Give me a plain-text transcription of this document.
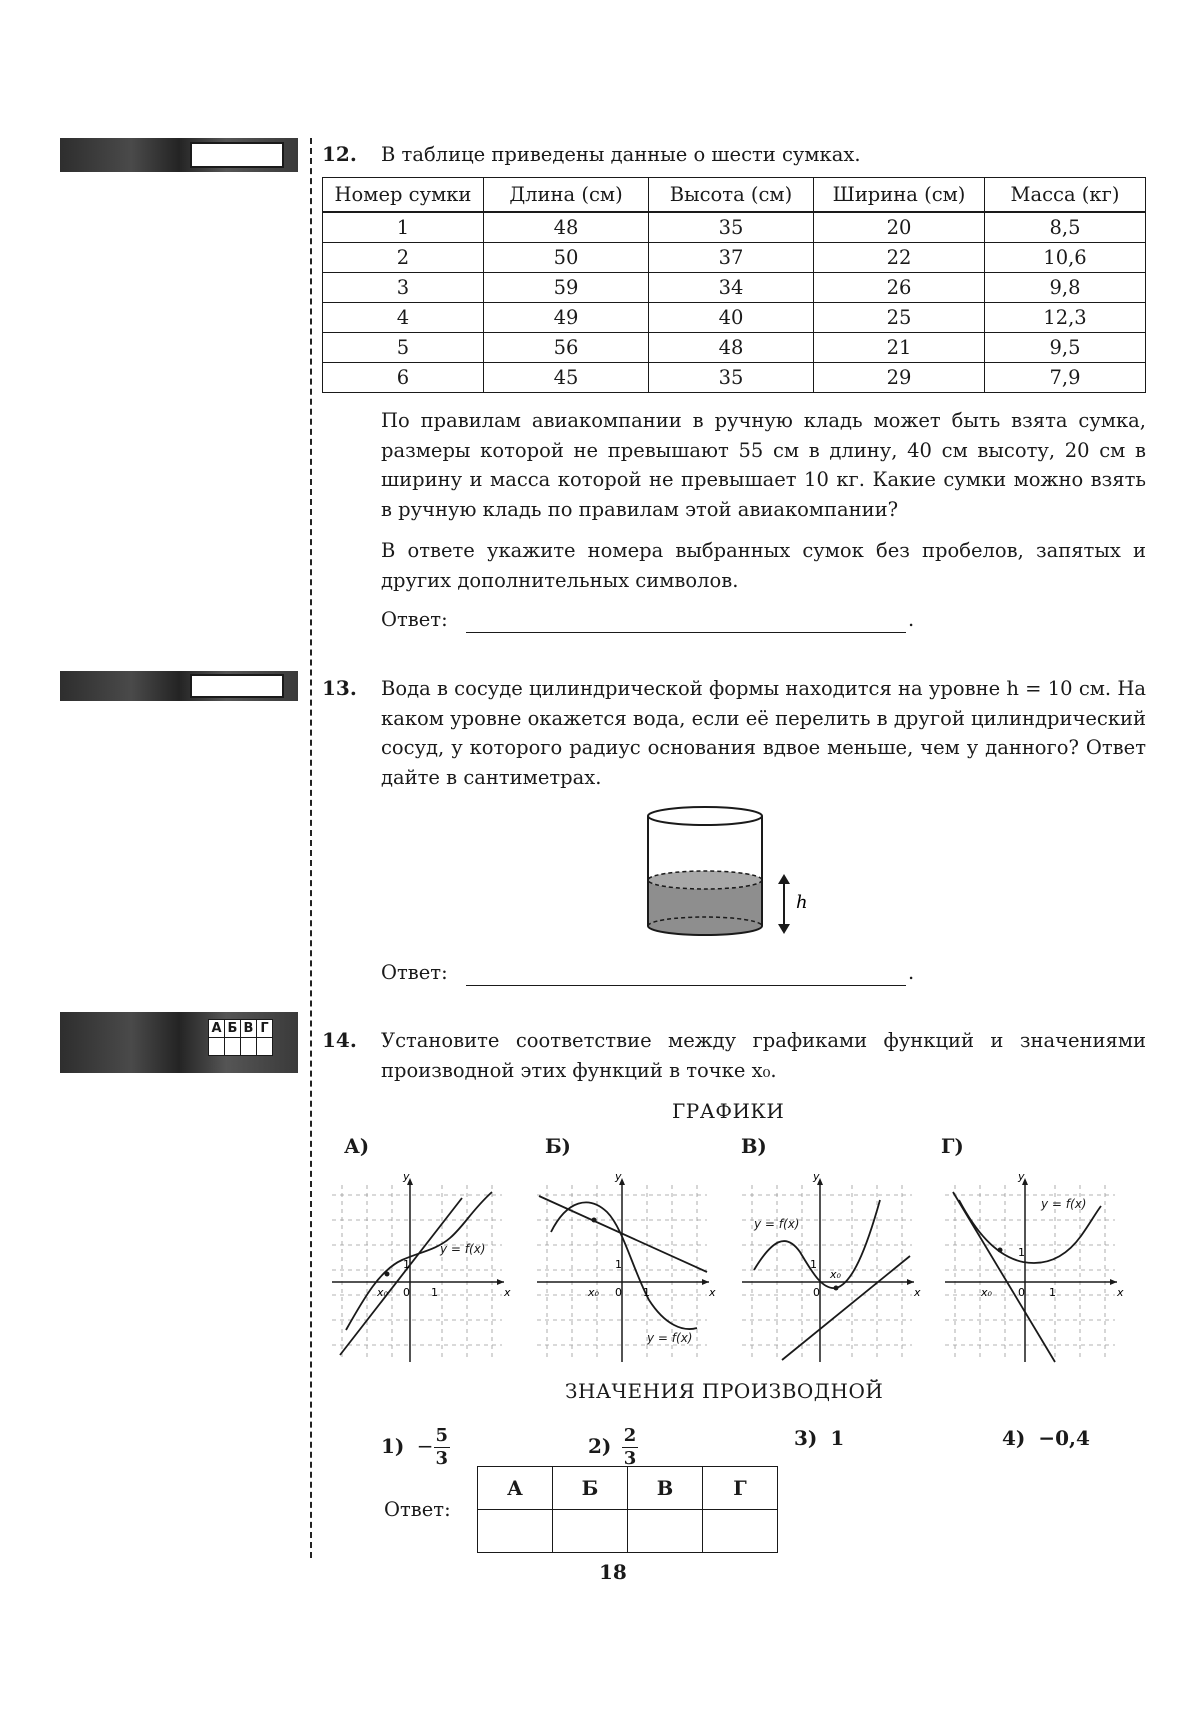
А	Б	В	Г

12. В таблице приведены данные о шести сумках.
Номер сумки	Длина (см)	Высота (см)	Ширина (см)	Масса (кг)
1	48	35	20	8,5
2	50	37	22	10,6
3	59	34	26	9,8
4	49	40	25	12,3
5	56	48	21	9,5
6	45	35	29	7,9

По правилам авиакомпании в ручную кладь может быть взята сумка, размеры которой не превышают 55 см в длину, 40 см высоту, 20 см в ширину и масса которой не превышает 10 кг. Какие сумки можно взять в ручную кладь по правилам этой авиакомпании?

В ответе укажите номера выбранных сумок без пробелов, запятых и других дополнительных символов.

Ответ:	.
13. Вода в сосуде цилиндрической формы находится на уровне h = 10 см. На каком уровне окажется вода, если её перелить в другой цилиндрический сосуд, у которого радиус основания вдвое меньше, чем у данного? Ответ дайте в сантиметрах.
h
Ответ:	.
14. Установите соответствие между графиками функций и значениями производной этих функций в точке x₀.
ГРАФИКИ
А)	Б)	В)	Г)
y
x
x₀ 0 1
1
y = f(x)
y
x
x₀ 0 1
1
y = f(x)
y
x
x₀
0
1
y = f(x)
y
x
x₀ 0 1
1
y = f(x)
ЗНАЧЕНИЯ ПРОИЗВОДНОЙ
$1) - \frac{5}{3}$	$2) \frac{2}{3}$	3) 1	4) −0,4
Ответ:
А	Б	В	Г

18
